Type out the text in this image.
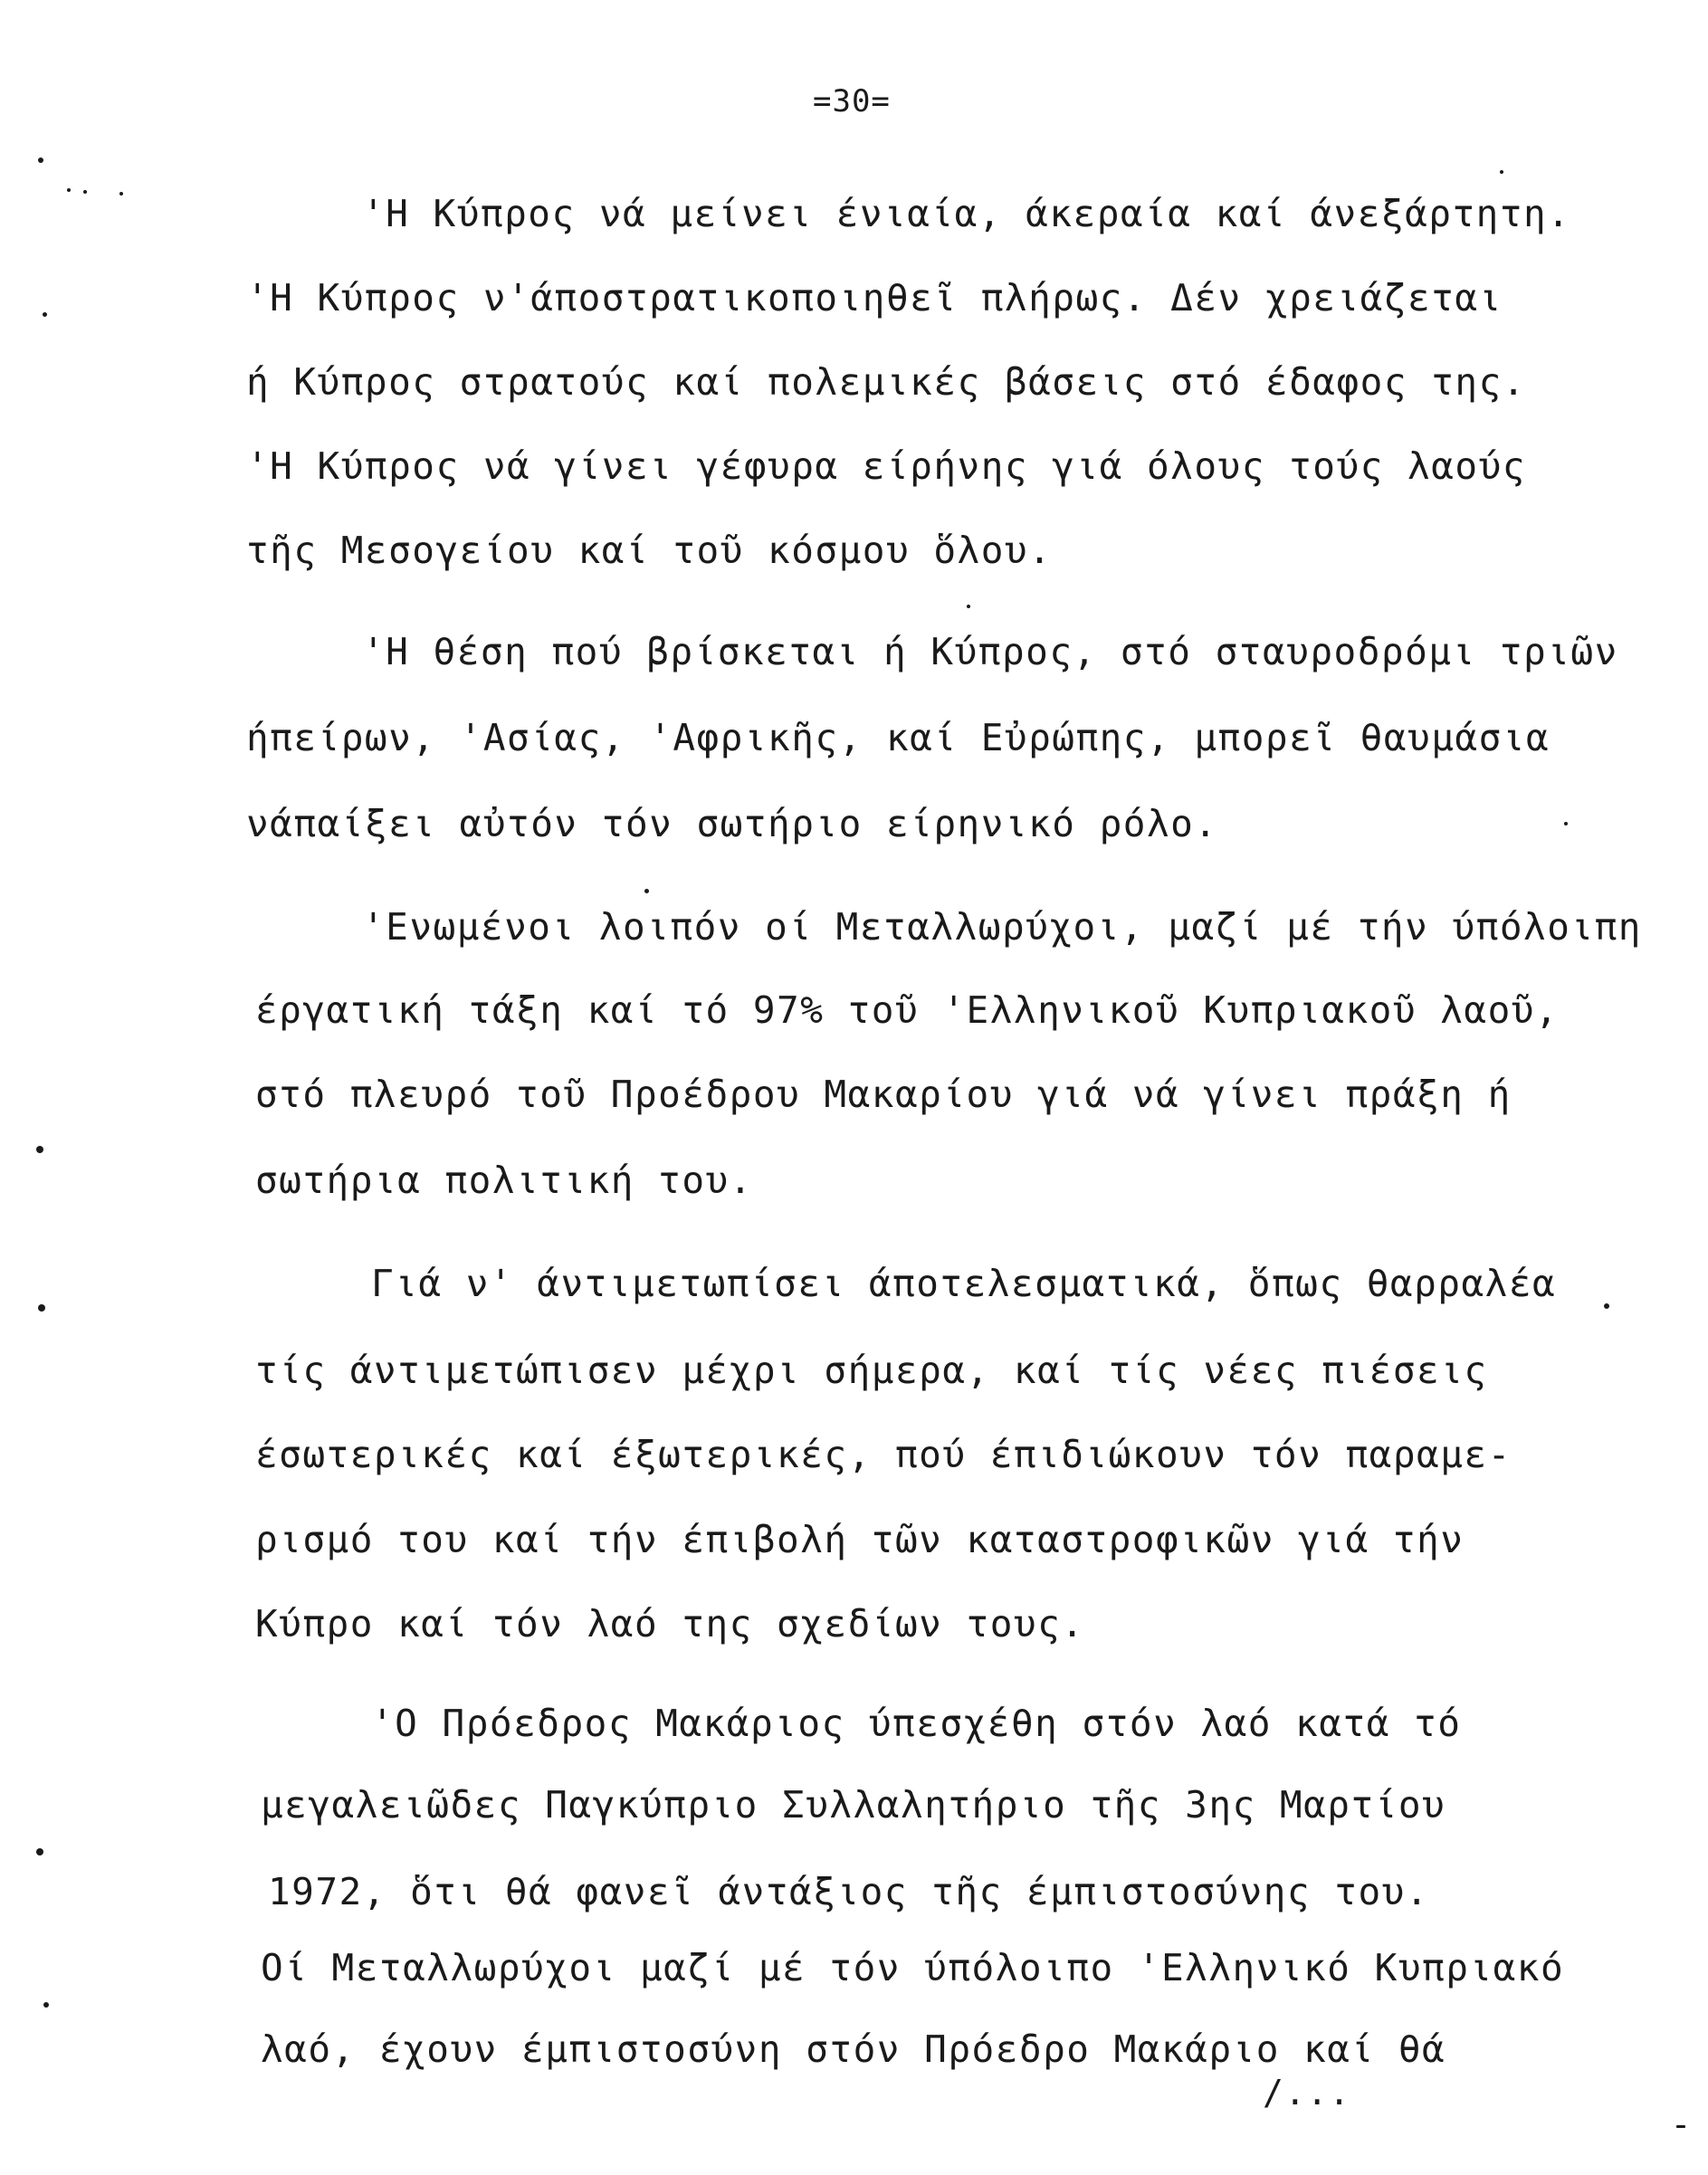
=30=
'Η Κύπρος νά μείνει ένιαία, άκεραία καί άνεξάρτητη.
'Η Κύπρος ν'άποστρατικοποιηθεῖ πλήρως. Δέν χρειάζεται
ή Κύπρος στρατούς καί πολεμικές βάσεις στό έδαφος της.
'Η Κύπρος νά γίνει γέφυρα είρήνης γιά όλους τούς λαούς
τῆς Μεσογείου καί τοῦ κόσμου ὅλου.
'Η θέση πού βρίσκεται ή Κύπρος, στό σταυροδρόμι τριῶν
ήπείρων, 'Ασίας, 'Αφρικῆς, καί Εὐρώπης, μπορεῖ θαυμάσια
νάπαίξει αὐτόν τόν σωτήριο είρηνικό ρόλο.
'Ενωμένοι λοιπόν οί Μεταλλωρύχοι, μαζί μέ τήν ύπόλοιπη
έργατική τάξη καί τό 97% τοῦ 'Ελληνικοῦ Κυπριακοῦ λαοῦ,
στό πλευρό τοῦ Προέδρου Μακαρίου γιά νά γίνει πράξη ή
σωτήρια πολιτική του.
Γιά ν' άντιμετωπίσει άποτελεσματικά, ὅπως θαρραλέα
τίς άντιμετώπισεν μέχρι σήμερα, καί τίς νέες πιέσεις
έσωτερικές καί έξωτερικές, πού έπιδιώκουν τόν παραμε-
ρισμό του καί τήν έπιβολή τῶν καταστροφικῶν γιά τήν
Κύπρο καί τόν λαό της σχεδίων τους.
'Ο Πρόεδρος Μακάριος ύπεσχέθη στόν λαό κατά τό
μεγαλειῶδες Παγκύπριο Συλλαλητήριο τῆς 3ης Μαρτίου
1972, ὅτι θά φανεῖ άντάξιος τῆς έμπιστοσύνης του.
Οί Μεταλλωρύχοι μαζί μέ τόν ύπόλοιπο 'Ελληνικό Κυπριακό
λαό, έχουν έμπιστοσύνη στόν Πρόεδρο Μακάριο καί θά
/...
